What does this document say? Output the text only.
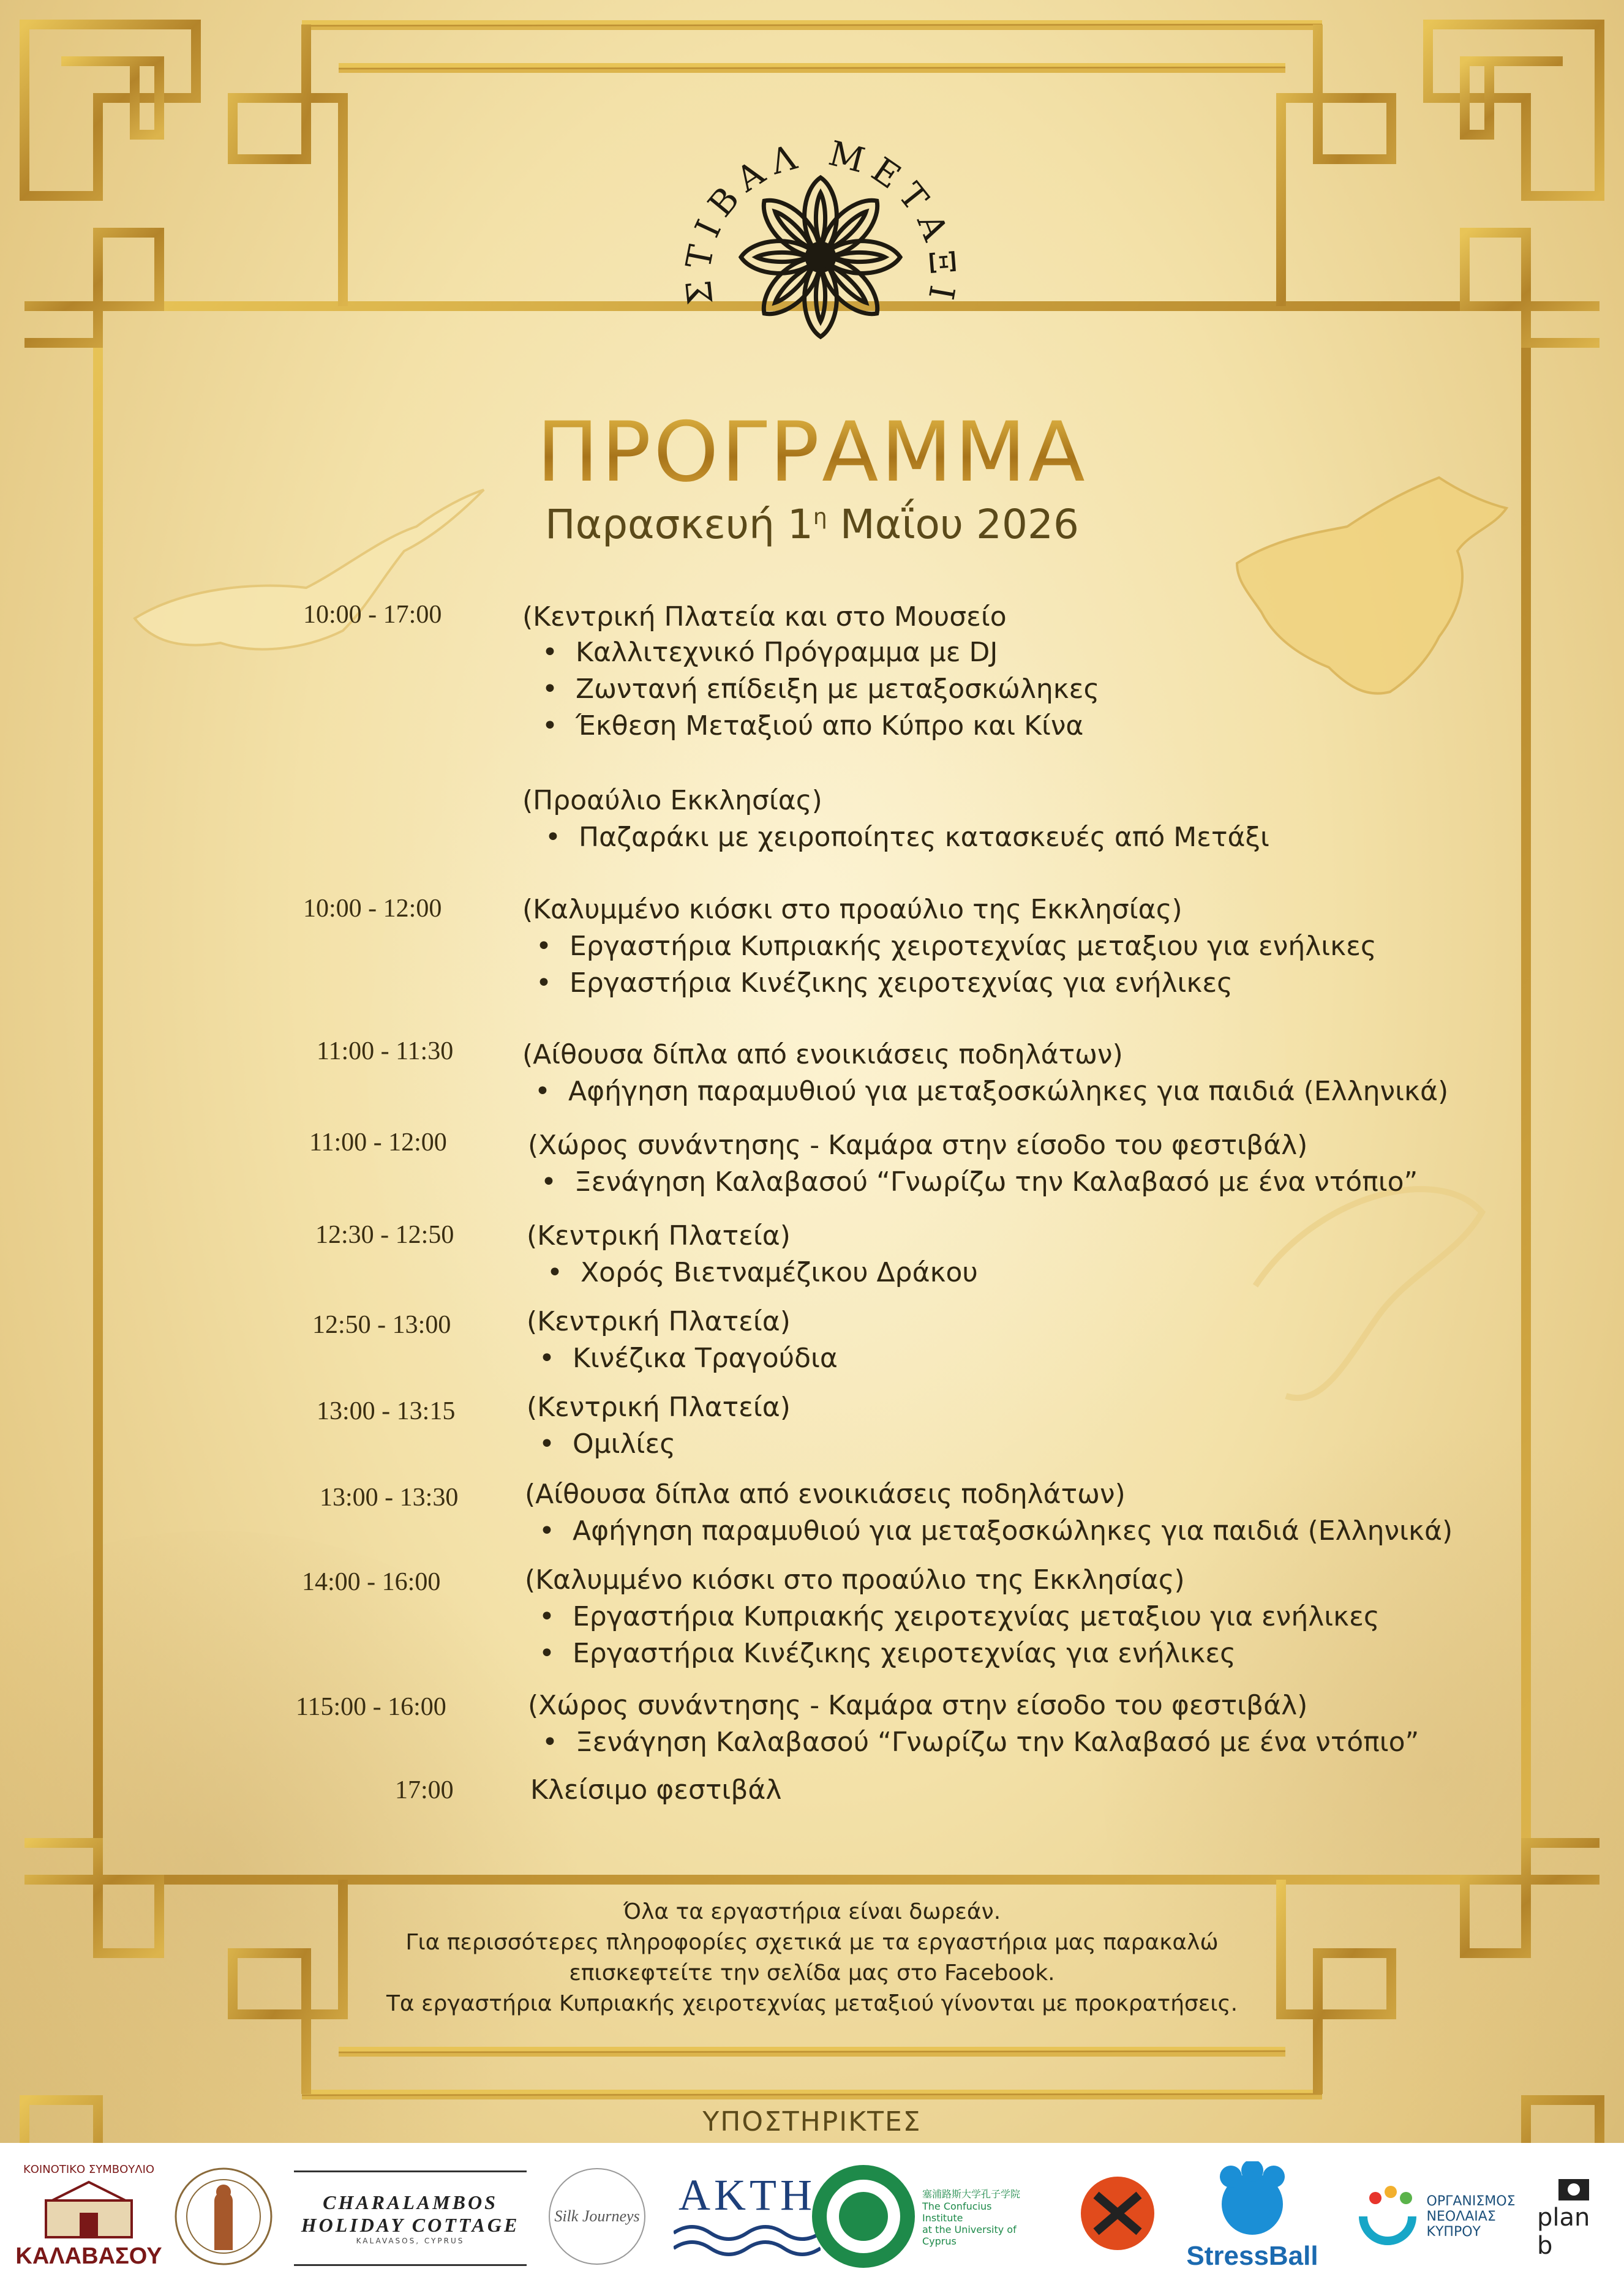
ΣΤΙΒΑΛ ΜΕΤΑΞΙ
ΠΡΟΓΡΑΜΜΑ
Παρασκευή $1^\eta$ Μαΐου 2026
10:00 - 17:00	(Κεντρική Πλατεία και στο Μουσείο
• Καλλιτεχνικό Πρόγραμμα με DJ
• Ζωντανή επίδειξη με μεταξοσκώληκες
• Έκθεση Μεταξιού απο Κύπρο και Κίνα
(Προαύλιο Εκκλησίας)
• Παζαράκι με χειροποίητες κατασκευές από Μετάξι
10:00 - 12:00	(Καλυμμένο κιόσκι στο προαύλιο της Εκκλησίας)
• Εργαστήρια Κυπριακής χειροτεχνίας μεταξιου για ενήλικες
• Εργαστήρια Κινέζικης χειροτεχνίας για ενήλικες
11:00 - 11:30	(Αίθουσα δίπλα από ενοικιάσεις ποδηλάτων)
• Αφήγηση παραμυθιού για μεταξοσκώληκες για παιδιά (Ελληνικά)
11:00 - 12:00	(Χώρος συνάντησης - Καμάρα στην είσοδο του φεστιβάλ)
• Ξενάγηση Καλαβασού “Γνωρίζω την Καλαβασό με ένα ντόπιο”
12:30 - 12:50	(Κεντρική Πλατεία)
• Χορός Βιετναμέζικου Δράκου
12:50 - 13:00	(Κεντρική Πλατεία)
• Κινέζικα Τραγούδια
13:00 - 13:15	(Κεντρική Πλατεία)
• Ομιλίες
13:00 - 13:30 (Αίθουσα δίπλα από ενοικιάσεις ποδηλάτων)
• Αφήγηση παραμυθιού για μεταξοσκώληκες για παιδιά (Ελληνικά)
14:00 - 16:00	(Καλυμμένο κιόσκι στο προαύλιο της Εκκλησίας)
• Εργαστήρια Κυπριακής χειροτεχνίας μεταξιου για ενήλικες
• Εργαστήρια Κινέζικης χειροτεχνίας για ενήλικες
115:00 - 16:00	(Χώρος συνάντησης - Καμάρα στην είσοδο του φεστιβάλ)
• Ξενάγηση Καλαβασού “Γνωρίζω την Καλαβασό με ένα ντόπιο”
17:00	Κλείσιμο φεστιβάλ
Όλα τα εργαστήρια είναι δωρεάν.
Για περισσότερες πληροφορίες σχετικά με τα εργαστήρια μας παρακαλώ
επισκεφτείτε την σελίδα μας στο Facebook.
Τα εργαστήρια Κυπριακής χειροτεχνίας μεταξιού γίνονται με προκρατήσεις.
ΥΠΟΣΤΗΡΙΚΤΕΣ
ΚΟΙΝΟΤΙΚΟ ΣΥΜΒΟΥΛΙΟ
ΚΑΛΑΒΑΣΟΥ
CHARALAMBOS
HOLIDAY COTTAGE
KALAVASOS, CYPRUS
Silk Journeys AKTH	塞浦路斯大学孔子学院
The Confucius Institute
at the University of Cyprus	StressBall
ΟΡΓΑΝΙΣΜΟΣ
ΝΕΟΛΑΙΑΣ
ΚΥΠΡΟΥ	plan b
